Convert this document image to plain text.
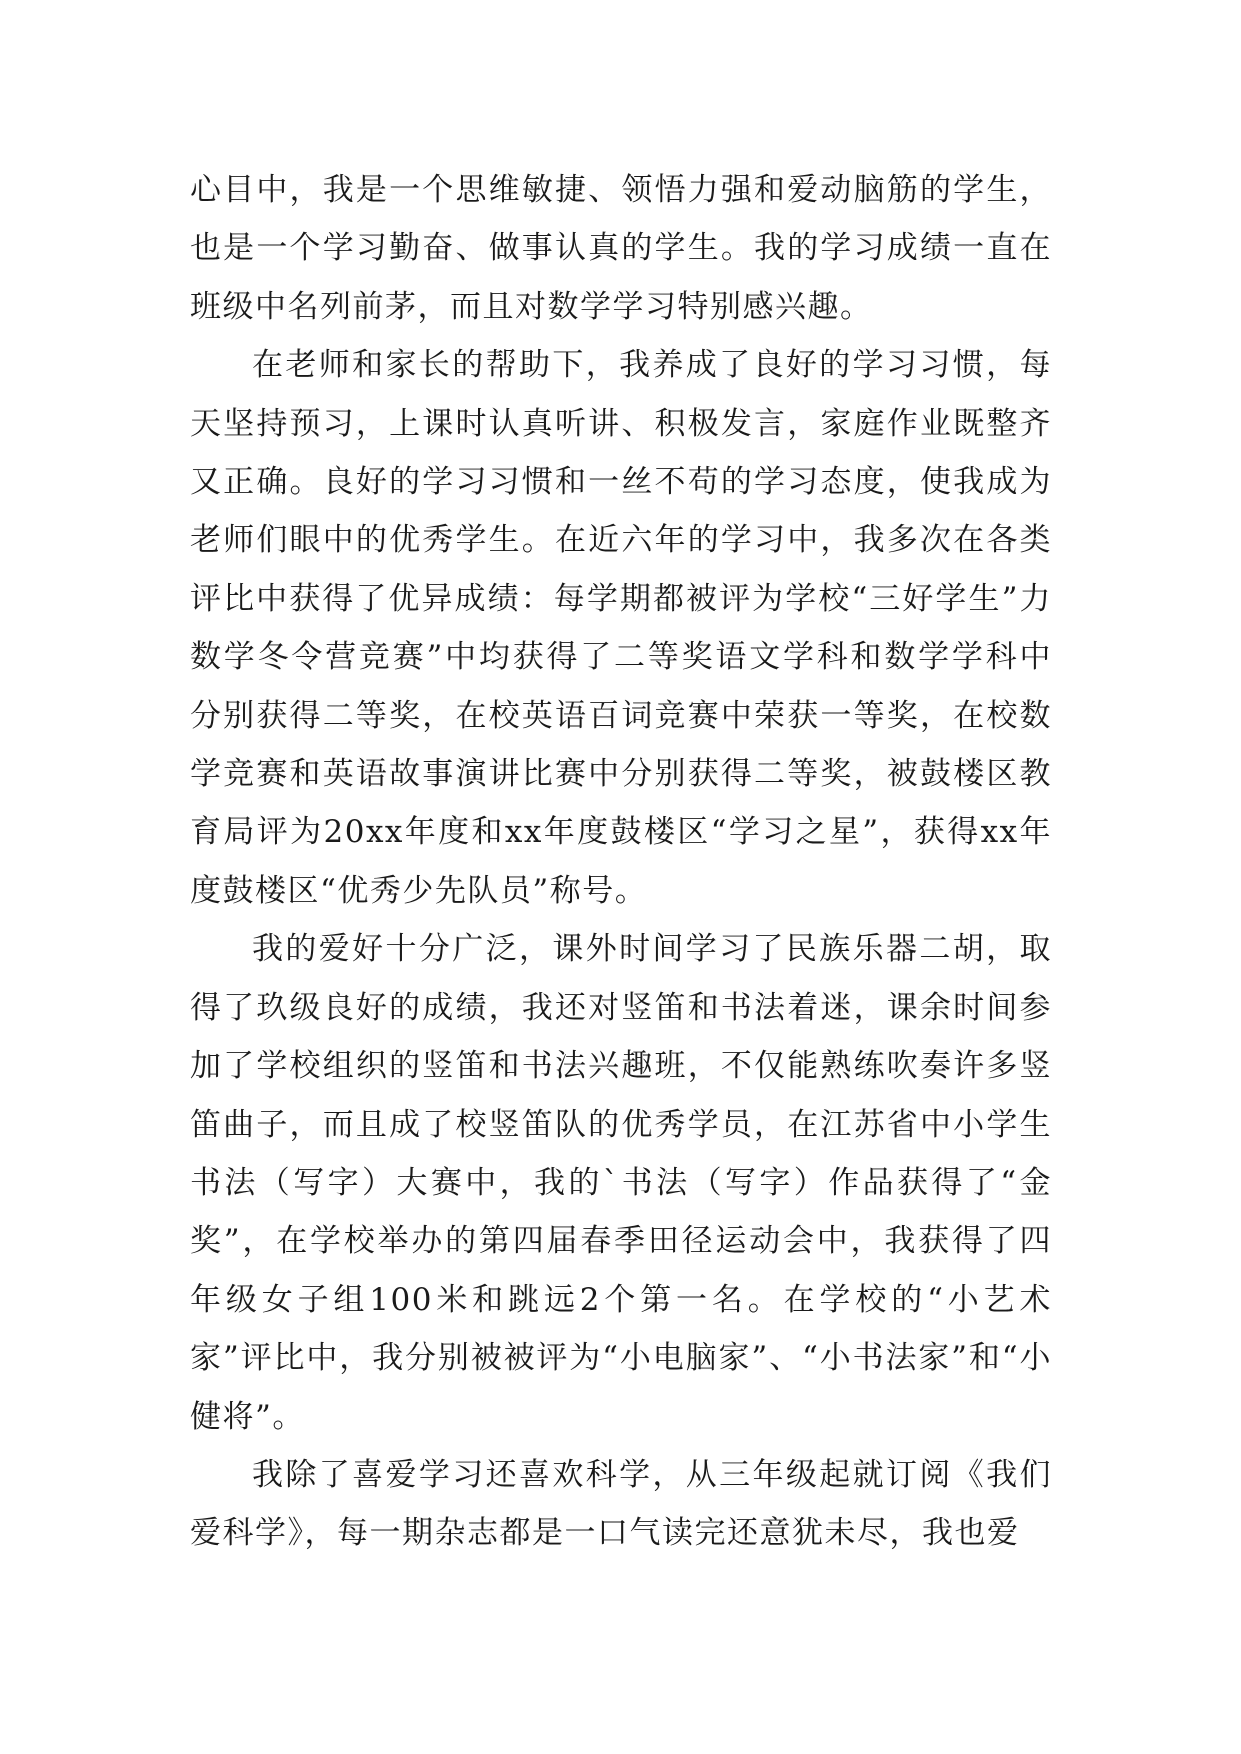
心目中，我是一个思维敏捷、领悟力强和爱动脑筋的学生，也是一个学习勤奋、做事认真的学生。我的学习成绩一直在班级中名列前茅，而且对数学学习特别感兴趣。

在老师和家长的帮助下，我养成了良好的学习习惯，每天坚持预习，上课时认真听讲、积极发言，家庭作业既整齐又正确。良好的学习习惯和一丝不苟的学习态度，使我成为老师们眼中的优秀学生。在近六年的学习中，我多次在各类评比中获得了优异成绩：每学期都被评为学校“三好学生”力数学冬令营竞赛”中均获得了二等奖语文学科和数学学科中分别获得二等奖，在校英语百词竞赛中荣获一等奖，在校数学竞赛和英语故事演讲比赛中分别获得二等奖，被鼓楼区教育局评为20xx年度和xx年度鼓楼区“学习之星”，获得xx年度鼓楼区“优秀少先队员”称号。

我的爱好十分广泛，课外时间学习了民族乐器二胡，取得了玖级良好的成绩，我还对竖笛和书法着迷，课余时间参加了学校组织的竖笛和书法兴趣班，不仅能熟练吹奏许多竖笛曲子，而且成了校竖笛队的优秀学员，在江苏省中小学生书法（写字）大赛中，我的`书法（写字）作品获得了“金奖”，在学校举办的第四届春季田径运动会中，我获得了四年级女子组100米和跳远2个第一名。在学校的“小艺术家”评比中，我分别被被评为“小电脑家”、“小书法家”和“小健将”。

我除了喜爱学习还喜欢科学，从三年级起就订阅《我们爱科学》，每一期杂志都是一口气读完还意犹未尽，我也爱
